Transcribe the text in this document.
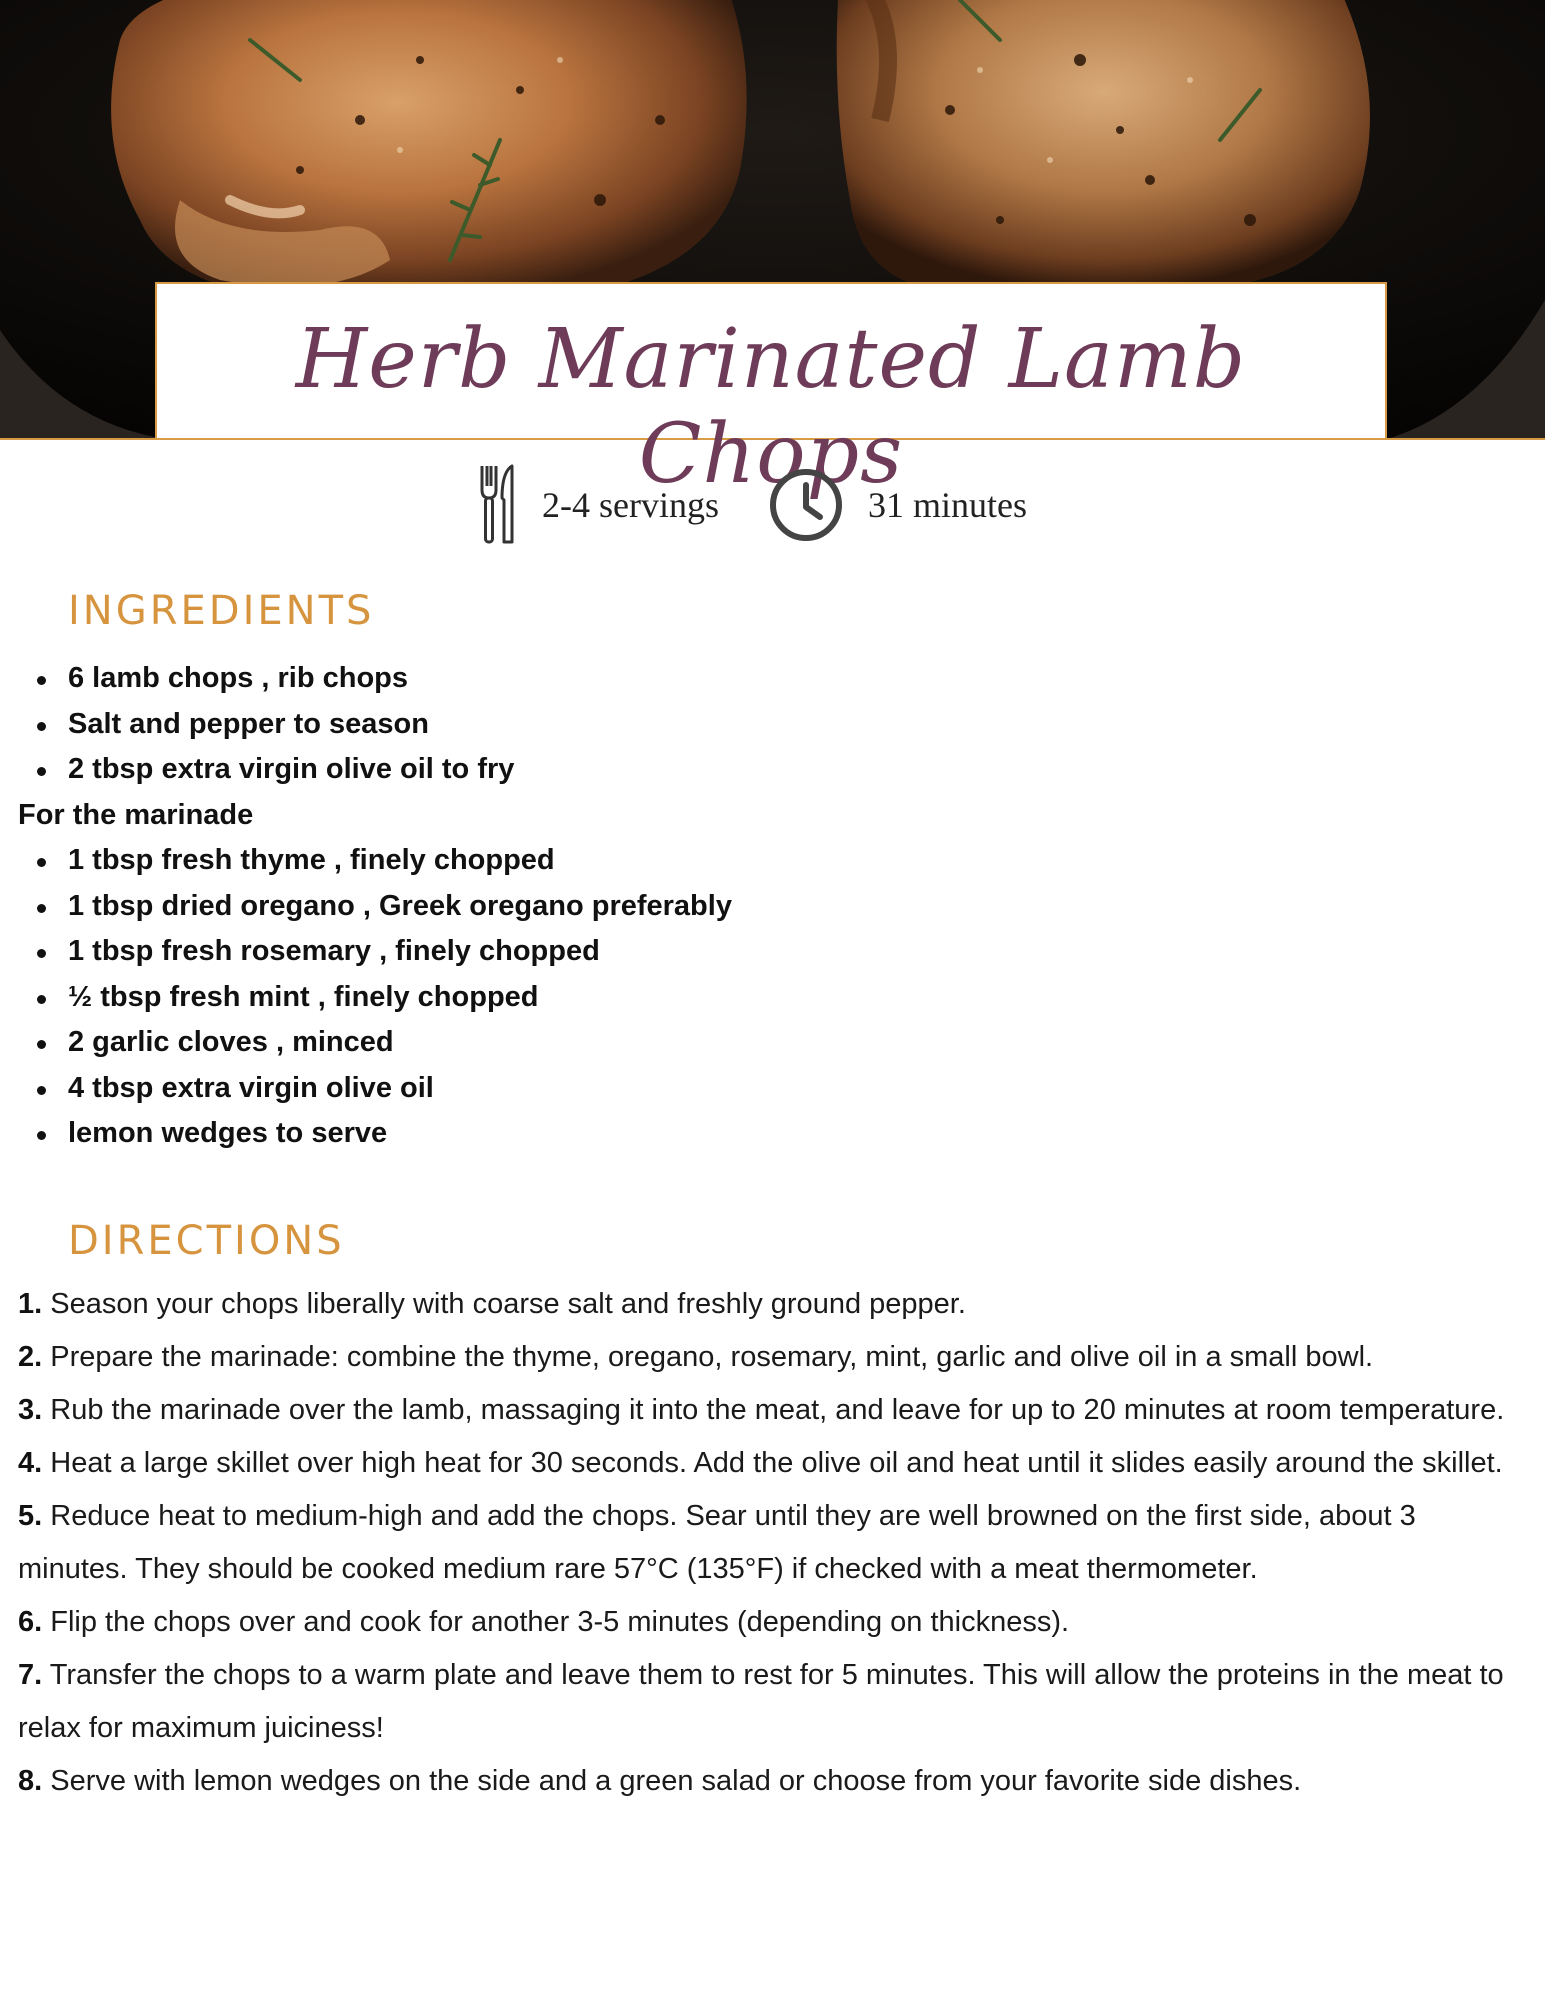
Herb Marinated Lamb Chops
2-4 servings	31 minutes
INGREDIENTS
6 lamb chops , rib chops
Salt and pepper to season
2 tbsp extra virgin olive oil to fry
For the marinade
1 tbsp fresh thyme , finely chopped
1 tbsp dried oregano , Greek oregano preferably
1 tbsp fresh rosemary , finely chopped
½ tbsp fresh mint , finely chopped
2 garlic cloves , minced
4 tbsp extra virgin olive oil
lemon wedges to serve
DIRECTIONS

1. Season your chops liberally with coarse salt and freshly ground pepper.

2. Prepare the marinade: combine the thyme, oregano, rosemary, mint, garlic and olive oil in a small bowl.

3. Rub the marinade over the lamb, massaging it into the meat, and leave for up to 20 minutes at room temperature.

4. Heat a large skillet over high heat for 30 seconds. Add the olive oil and heat until it slides easily around the skillet.

5. Reduce heat to medium-high and add the chops. Sear until they are well browned on the first side, about 3 minutes. They should be cooked medium rare 57°C (135°F) if checked with a meat thermometer.

6. Flip the chops over and cook for another 3-5 minutes (depending on thickness).

7. Transfer the chops to a warm plate and leave them to rest for 5 minutes. This will allow the proteins in the meat to relax for maximum juiciness!

8. Serve with lemon wedges on the side and a green salad or choose from your favorite side dishes.
